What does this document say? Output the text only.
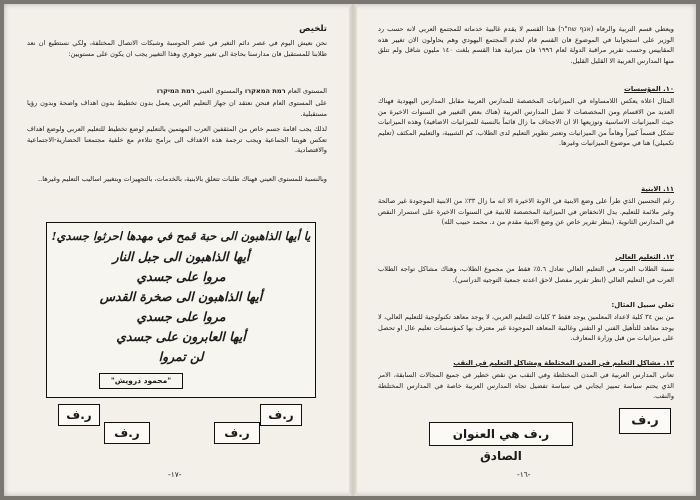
تلخيص

نحن نعيش اليوم في عصر دائم التغير في عصر الحوسبة وشبكات الاتصال المختلفة، ولكي نستطيع ان نعد طلابنا للمستقبل فان مدارسنا بحاجة الى تغيير جوهري وهذا التغيير يجب ان يكون على مستويين:

المستوى العام רמת המאקרו والمستوى العيني רמת המיקרו

على المستوى العام فنحن نعتقد ان جهاز التعليم العربي يعمل بدون تخطيط بدون اهداف واضحة وبدون رؤيا مستقبلية.

لذلك يجب اقامة جسم خاص من المثقفين العرب المهتمين بالتعليم لوضع تخطيط للتعليم العربي ولوضع اهداف تعكس هويتنا الجماعية ويجب ترجمة هذه الاهداف الى برامج تتلاءم مع خلفية مجتمعنا الحضارية-الاجتماعية والاقتصادية.

وبالنسبة للمستوى العيني فهناك طلبات تتعلق بالابنية، بالخدمات، بالتجهيزات وبتغيير اساليب التعليم وغيرها..

يا أيها الذاهبون الى حبة قمح في مهدها احرثوا جسدي!
أيها الذاهبون الى جبل النار
مروا على جسدي
أيها الذاهبون الى صخرة القدس
مروا على جسدي
أيها العابرون على جسدي
لن تمروا
"محمود درويش"
ر.ف
ر.ف	ر.ف
ر.ف
-١٧-

ويعطي قسم التربية والرفاه (אגף שח"ר) هذا القسم لا يقدم غالبية خدماته للمجتمع العربي لانه حسب رد الوزير على استجوابنا في الموضوع فان القسم قام لخدم المجتمع اليهودي وهم يحاولون الان تغيير هذه المقاييس وحسب تقرير مراقبة الدولة لعام ١٩٩٦ فان ميزانية هذا القسم بلغت ١٤٠ مليون شاقل ولم تتلق منها المدارس العربية الا القليل القليل.

١٠. المؤسسات

المثال اعلاه يعكس اللامساواه في الميزانيات المخصصة للمدارس العربية مقابل المدارس اليهودية فهناك العديد من الاقسام ومن المخصصات لا تصل المدارس العربية (هناك بعض التغيير في السنوات الاخيرة من حيث الميزانيات الاساسية وتوزيعها الا ان الاجحاف ما زال قائماً بالنسبة للميزانيات الاضافية) وهذه الميزانيات تشكل قسماً كبيراً وهاماً من الميزانيات وتعتبر تطوير التعليم لدى الطلاب، كم الشبيبة، والتعليم المكثف (تعليم تكميلي) هنا في موضوع الميزانيات وغيرها.

١١. الابنية

رغم التحسين الذي طرأ على وضع الابنية في الاونة الاخيرة الا انه ما زال ٣٣٪ من الابنية الموجودة غير صالحة وغير ملائمة للتعليم. يدل الانخفاض في الميزانية المخصصة للابنية في السنوات الاخيرة على استمرار النقص في المدارس الثانوية. (بنظر تقرير خاص عن وضع الابنية مقدم من د. محمد حبيب الله)

١٢. التعليم العالي

نسبة الطلاب العرب في التعليم العالي تعادل ٥.٦٪ فقط من مجموع الطلاب، وهناك مشاكل تواجه الطلاب العرب في التعليم العالي (انظر تقرير مفصل لاحق اعدته جمعية التوجيه الدراسي).

تعلي سبيل المثال:

من بين ٣٤ كلية لاعداد المعلمين يوجد فقط ٣ كليات للتعليم العربي، لا يوجد معاهد تكنولوجية للتعليم العالي، لا يوجد معاهد للتأهيل الفني او التقني وغالبية المعاهد الموجودة غير معترف بها كمؤسسات تعليم عال او تحصل على ميزانيات من قبل وزارة المعارف.

١٣. مشاكل التعليم في المدن المختلطة ومشاكل التعليم في النقب

تعاني المدارس العربية في المدن المختلطة وفي النقب من نقص خطير في جميع المجالات السابقة، الامر الذي يحتم سياسة تمييز ايجابي في سياسة تفضيل تجاه المدارس العربية خاصة في المدارس المختلطة والنقب.

ر.ف
ر.ف هي العنوان الصادق
-١٦-
